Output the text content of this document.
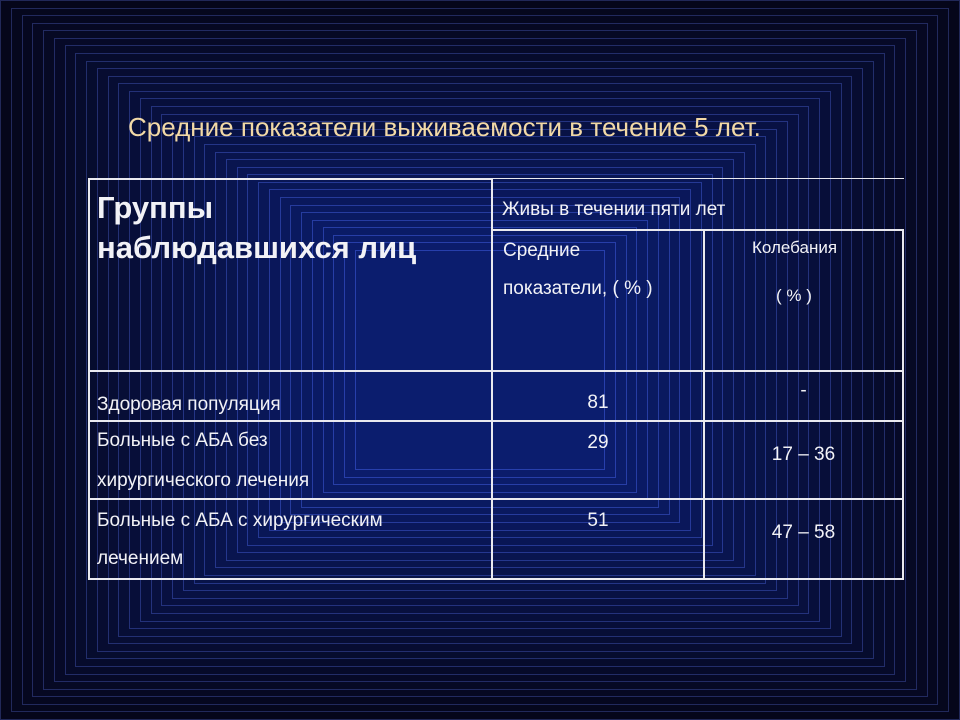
Средние показатели выживаемости в течение 5 лет.
Группы
наблюдавшихся лиц
Живы в течении пяти лет
Средние
показатели, ( % )
Колебания
( % )
Здоровая популяция	81
-
Больные с АБА без
хирургического лечения
29
17 – 36
Больные с АБА с хирургическим
лечением
51
47 – 58
